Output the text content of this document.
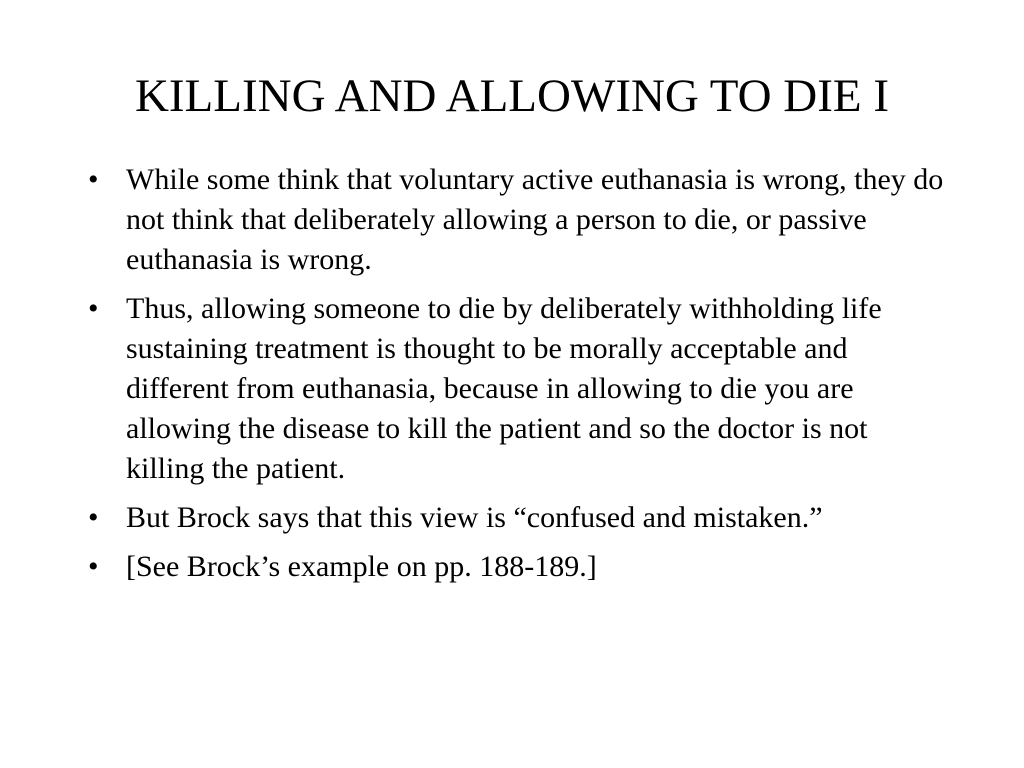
KILLING AND ALLOWING TO DIE I
• While some think that voluntary active euthanasia is wrong, they do not think that deliberately allowing a person to die, or passive euthanasia is wrong.
• Thus, allowing someone to die by deliberately withholding life sustaining treatment is thought to be morally acceptable and different from euthanasia, because in allowing to die you are allowing the disease to kill the patient and so the doctor is not killing the patient.
• But Brock says that this view is “confused and mistaken.”
• [See Brock’s example on pp. 188-189.]
